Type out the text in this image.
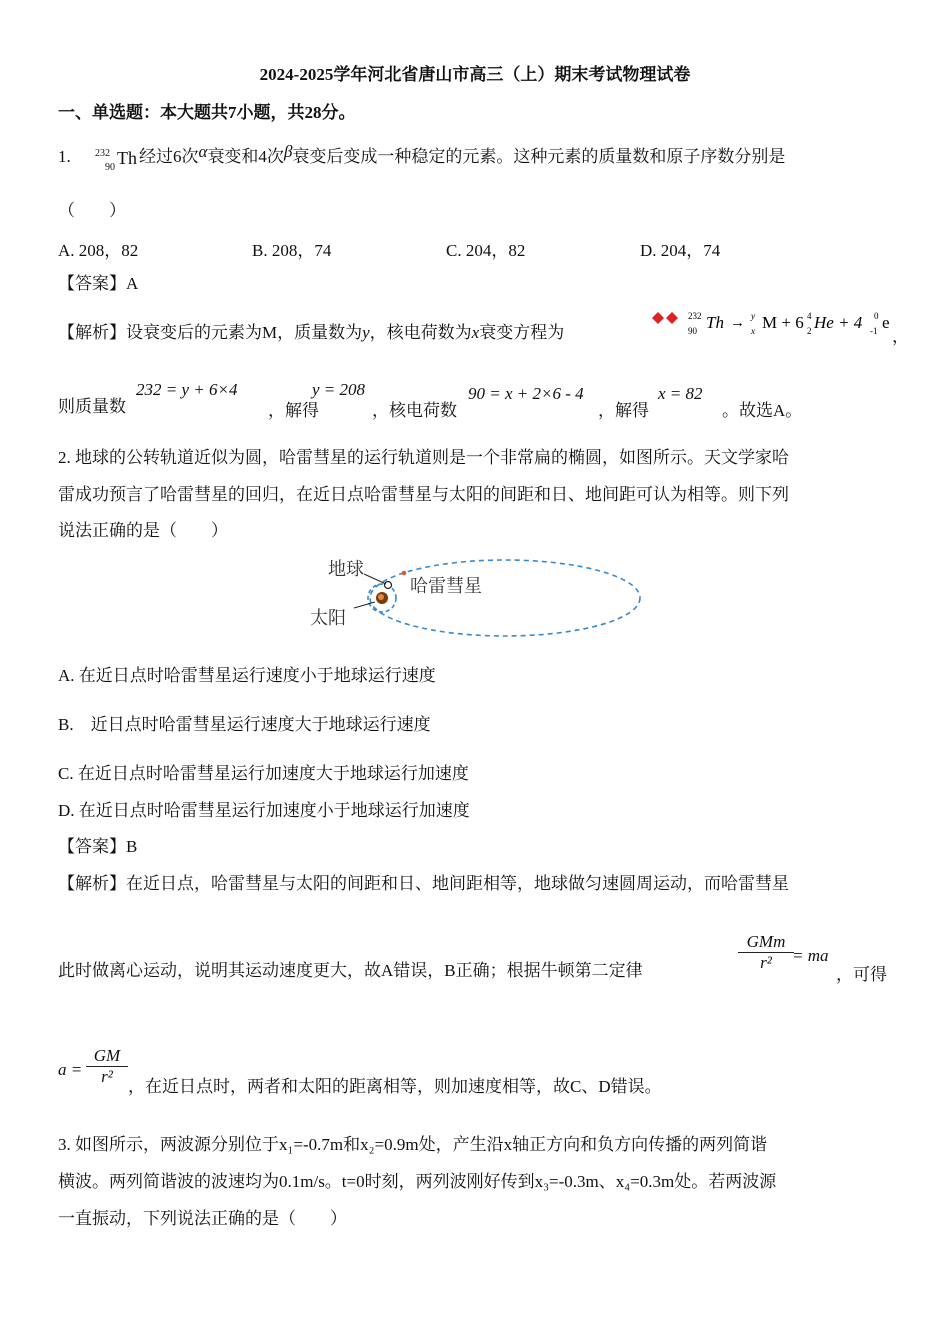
2024-2025学年河北省唐山市高三（上）期末考试物理试卷
一、单选题：本大题共7小题，共28分。
1. 232
90 Th 经过6次α衰变和4次β衰变后变成一种稳定的元素。这种元素的质量数和原子序数分别是
（　　）
A. 208，82	B. 208，74	C. 204，82	D. 204，74
【答案】A
【解析】设衰变后的元素为M，质量数为y，核电荷数为x衰变方程为
232
90 Th → y
x M + 6 4
2 He + 4 0
-1 e
，
则质量数
232 = y + 6×4
，解得
y = 208
，核电荷数
90 = x + 2×6 - 4
，解得
x = 82
。故选A。
2. 地球的公转轨道近似为圆，哈雷彗星的运行轨道则是一个非常扁的椭圆，如图所示。天文学家哈
雷成功预言了哈雷彗星的回归，在近日点哈雷彗星与太阳的间距和日、地间距可认为相等。则下列
说法正确的是（　　）
地球
哈雷彗星
太阳
A. 在近日点时哈雷彗星运行速度小于地球运行速度
B.　近日点时哈雷彗星运行速度大于地球运行速度
C. 在近日点时哈雷彗星运行加速度大于地球运行加速度
D. 在近日点时哈雷彗星运行加速度小于地球运行加速度
【答案】B
【解析】在近日点，哈雷彗星与太阳的间距和日、地间距相等，地球做匀速圆周运动，而哈雷彗星
此时做离心运动，说明其运动速度更大，故A错误，B正确；根据牛顿第二定律
GMm
r²	= ma
，可得
$a = \frac{GM}{\text{r²}}$ ，在近日点时，两者和太阳的距离相等，则加速度相等，故C、D错误。
3. 如图所示，两波源分别位于x₁=-0.7m和x₂=0.9m处，产生沿x轴正方向和负方向传播的两列简谐
横波。两列简谐波的波速均为0.1m/s。t=0时刻，两列波刚好传到x₃=-0.3m、x₄=0.3m处。若两波源
一直振动，下列说法正确的是（　　）
